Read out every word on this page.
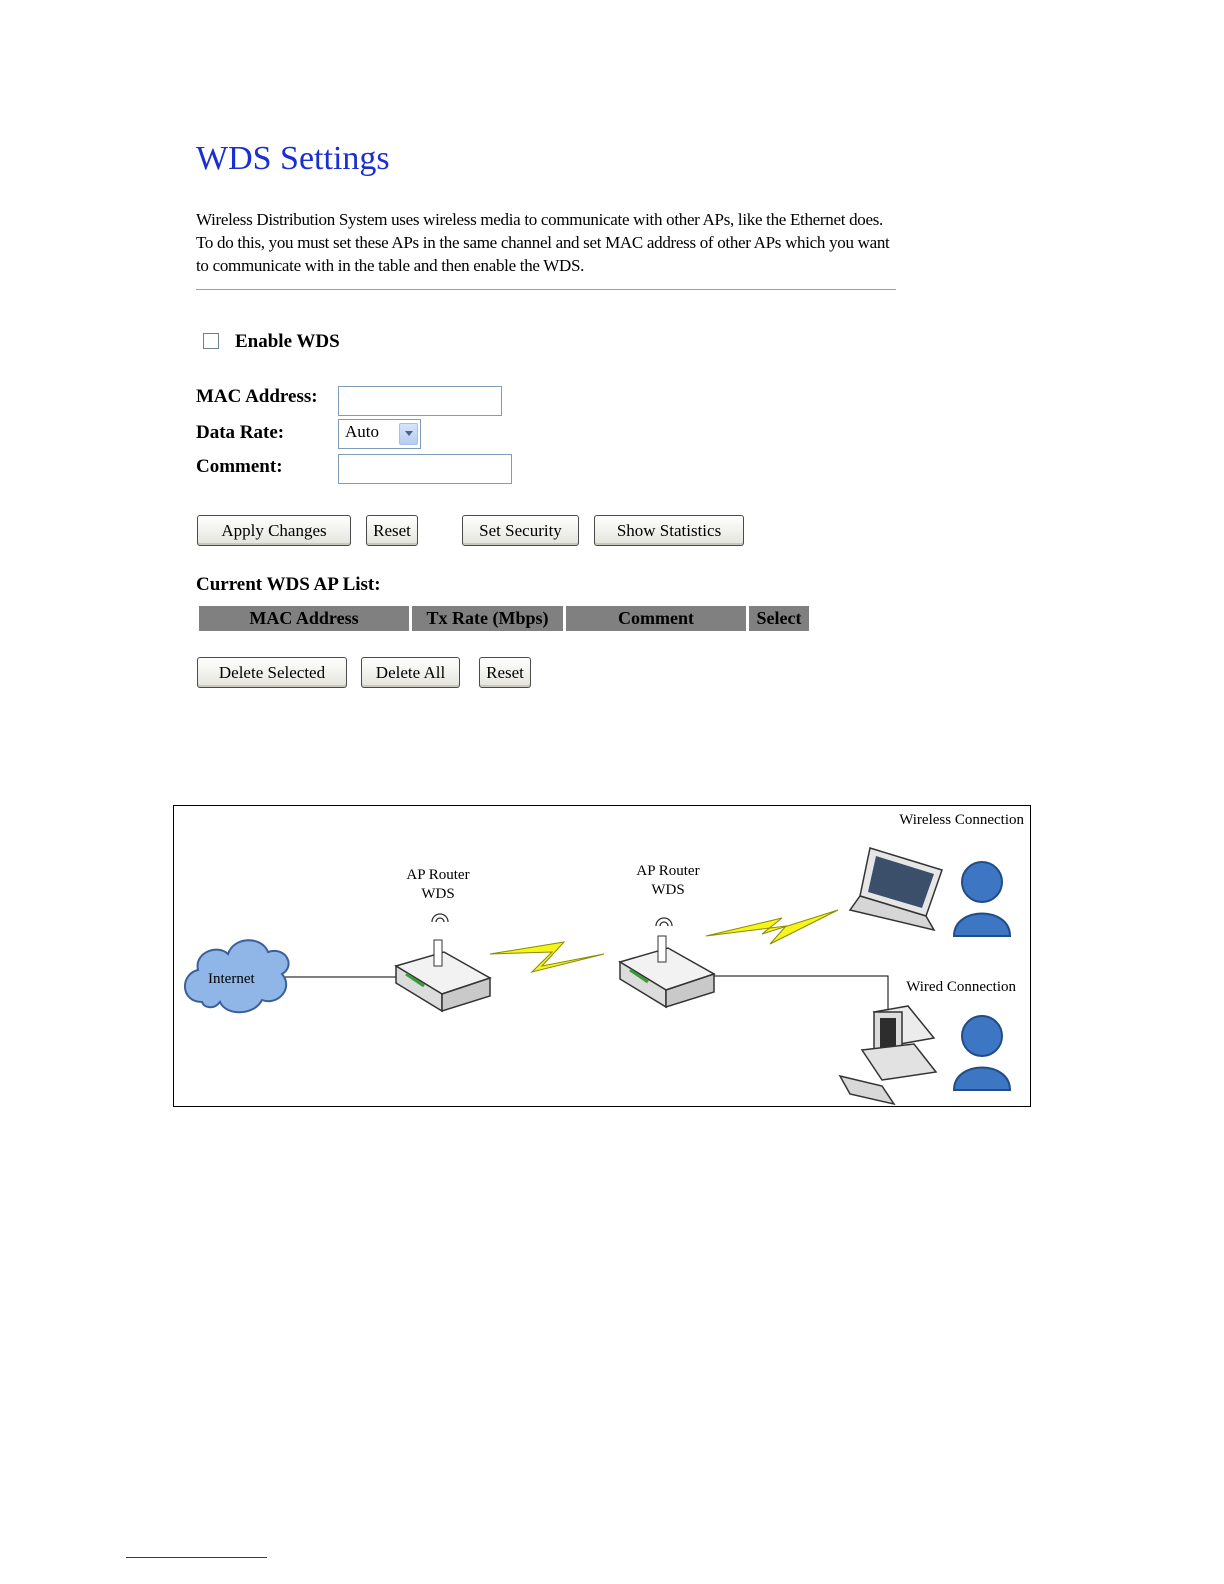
WDS Settings
Wireless Distribution System uses wireless media to communicate with other APs, like the Ethernet does. To do this, you must set these APs in the same channel and set MAC address of other APs which you want to communicate with in the table and then enable the WDS.
Enable WDS
MAC Address:
Data Rate:	Auto
Comment:
Apply Changes	Reset	Set Security	Show Statistics
Current WDS AP List:
MAC Address	Tx Rate (Mbps)	Comment	Select
Delete Selected	Delete All	Reset
Internet
AP Router
WDS
AP Router
WDS
Wireless Connection
Wired Connection
